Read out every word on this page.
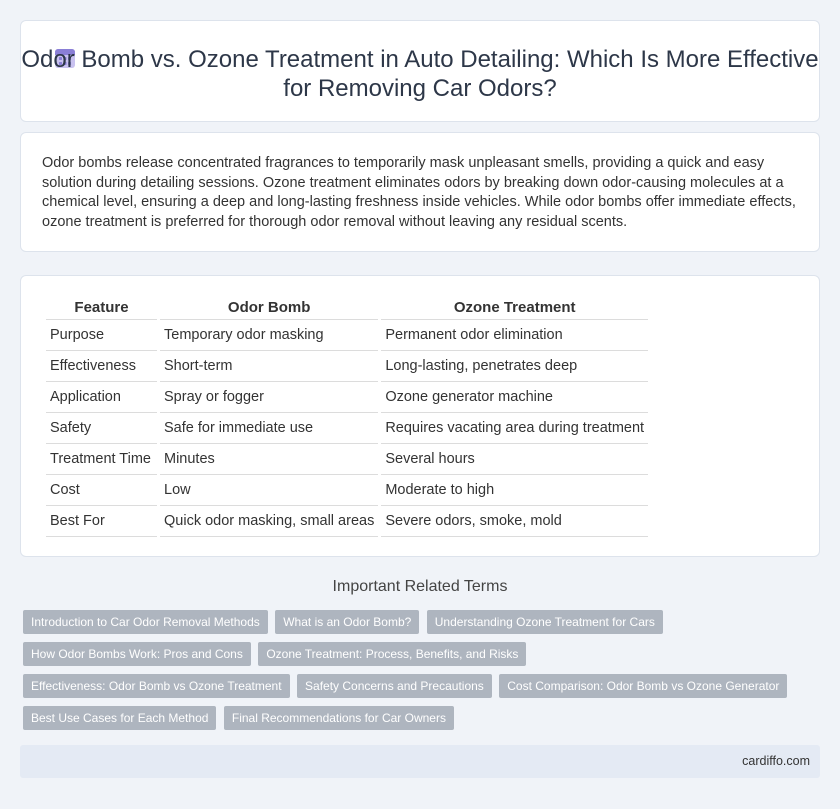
Odor Bomb vs. Ozone Treatment in Auto Detailing: Which Is More Effective for Removing Car Odors?

Odor bombs release concentrated fragrances to temporarily mask unpleasant smells, providing a quick and easy solution during detailing sessions. Ozone treatment eliminates odors by breaking down odor-causing molecules at a chemical level, ensuring a deep and long-lasting freshness inside vehicles. While odor bombs offer immediate effects, ozone treatment is preferred for thorough odor removal without leaving any residual scents.

Feature	Odor Bomb	Ozone Treatment
Purpose	Temporary odor masking	Permanent odor elimination
Effectiveness	Short-term	Long-lasting, penetrates deep
Application	Spray or fogger	Ozone generator machine
Safety	Safe for immediate use	Requires vacating area during treatment
Treatment Time	Minutes	Several hours
Cost	Low	Moderate to high
Best For	Quick odor masking, small areas	Severe odors, smoke, mold
Important Related Terms
Introduction to Car Odor Removal Methods What is an Odor Bomb? Understanding Ozone Treatment for Cars How Odor Bombs Work: Pros and Cons Ozone Treatment: Process, Benefits, and Risks Effectiveness: Odor Bomb vs Ozone Treatment Safety Concerns and Precautions Cost Comparison: Odor Bomb vs Ozone Generator Best Use Cases for Each Method Final Recommendations for Car Owners
cardiffo.com
